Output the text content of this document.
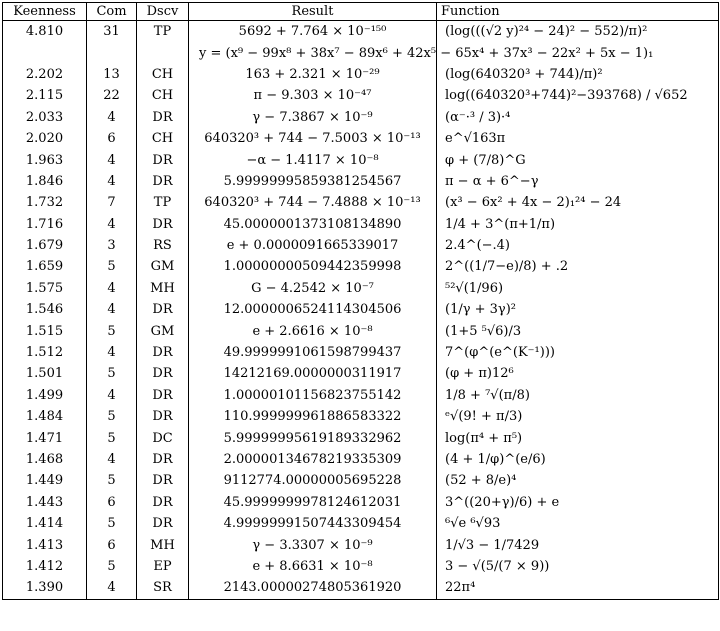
Keenness	Com	Dscv	Result	Function
4.810	31	TP	5692 + 7.764 × 10⁻¹⁵⁰	(log(((√2 y)²⁴ − 24)² − 552)/π)²
			y = (x⁹ − 99x⁸ + 38x⁷ − 89x⁶ + 42x⁵ − 65x⁴ + 37x³ − 22x² + 5x − 1)₁	
2.202	13	CH	163 + 2.321 × 10⁻²⁹	(log(640320³ + 744)/π)²
2.115	22	CH	π − 9.303 × 10⁻⁴⁷	log((640320³+744)²−393768) / √652
2.033	4	DR	γ − 7.3867 × 10⁻⁹	(α⁻·³ / 3)·⁴
2.020	6	CH	640320³ + 744 − 7.5003 × 10⁻¹³	e^√163π
1.963	4	DR	−α − 1.4117 × 10⁻⁸	φ + (7/8)^G
1.846	4	DR	5.99999995859381254567	π − α + 6^−γ
1.732	7	TP	640320³ + 744 − 7.4888 × 10⁻¹³	(x³ − 6x² + 4x − 2)₁²⁴ − 24
1.716	4	DR	45.0000001373108134890	1/4 + 3^(π+1/π)
1.679	3	RS	e + 0.0000091665339017	2.4^(−.4)
1.659	5	GM	1.00000000509442359998	2^((1/7−e)/8) + .2
1.575	4	MH	G − 4.2542 × 10⁻⁷	⁵²√(1/96)
1.546	4	DR	12.0000006524114304506	(1/γ + 3γ)²
1.515	5	GM	e + 2.6616 × 10⁻⁸	(1+5 ⁵√6)/3
1.512	4	DR	49.9999991061598799437	7^(φ^(e^(K⁻¹)))
1.501	5	DR	14212169.0000000311917	(φ + π)12⁶
1.499	4	DR	1.00000101156823755142	1/8 + ⁷√(π/8)
1.484	5	DR	110.999999961886583322	ᵉ√(9! + π/3)
1.471	5	DC	5.99999995619189332962	log(π⁴ + π⁵)
1.468	4	DR	2.00000134678219335309	(4 + 1/φ)^(e/6)
1.449	5	DR	9112774.00000005695228	(52 + 8/e)⁴
1.443	6	DR	45.9999999978124612031	3^((20+γ)/6) + e
1.414	5	DR	4.99999991507443309454	⁶√e ⁶√93
1.413	6	MH	γ − 3.3307 × 10⁻⁹	1/√3 − 1/7429
1.412	5	EP	e + 8.6631 × 10⁻⁸	3 − √(5/(7 × 9))
1.390	4	SR	2143.00000274805361920	22π⁴
